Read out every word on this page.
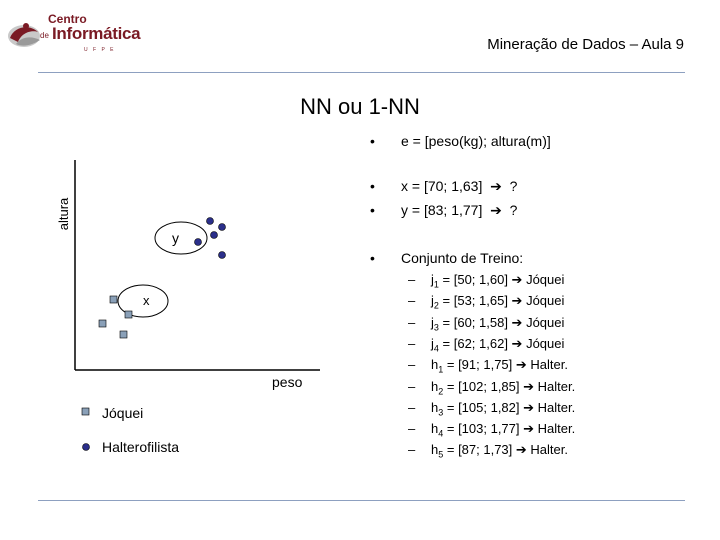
Centro
de Informática
U F P E	Mineração de Dados – Aula 9
NN ou 1-NN
altura
peso
y
x
Jóquei
Halterofilista
• e = [peso(kg); altura(m)]
• x = [70; 1,63]  ➔  ?
• y = [83; 1,77]  ➔  ?
• Conjunto de Treino:
– $j_1 = [50$; 1,60] ➔ Jóquei
– $j_2 = [53$; 1,65] ➔ Jóquei
– $j_3 = [60$; 1,58] ➔ Jóquei
– $j_4 = [62$; 1,62] ➔ Jóquei
– $h_1 = [91$; 1,75] ➔ Halter.
– $h_2 = [102$; 1,85] ➔ Halter.
– $h_3 = [105$; 1,82] ➔ Halter.
– $h_4 = [103$; 1,77] ➔ Halter.
– $h_5 = [87$; 1,73] ➔ Halter.
